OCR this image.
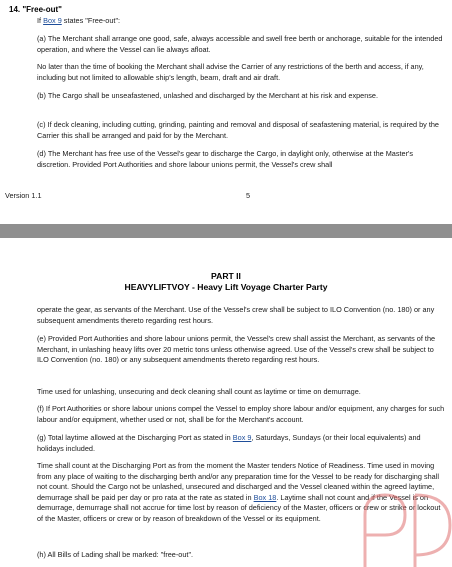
14. "Free-out"

If Box 9 states "Free-out":

(a) The Merchant shall arrange one good, safe, always accessible and swell free berth or anchorage, suitable for the intended operation, and where the Vessel can lie always afloat.

No later than the time of booking the Merchant shall advise the Carrier of any restrictions of the berth and access, if any, including but not limited to allowable ship's length, beam, draft and air draft.

(b) The Cargo shall be unseafastened, unlashed and discharged by the Merchant at his risk and expense.

(c) If deck cleaning, including cutting, grinding, painting and removal and disposal of seafastening material, is required by the Carrier this shall be arranged and paid for by the Merchant.

(d) The Merchant has free use of the Vessel's gear to discharge the Cargo, in daylight only, otherwise at the Master's discretion. Provided Port Authorities and shore labour unions permit, the Vessel's crew shall

Version 1.1	5
PART II
HEAVYLIFTVOY - Heavy Lift Voyage Charter Party

operate the gear, as servants of the Merchant. Use of the Vessel's crew shall be subject to ILO Convention (no. 180) or any subsequent amendments thereto regarding rest hours.

(e) Provided Port Authorities and shore labour unions permit, the Vessel's crew shall assist the Merchant, as servants of the Merchant, in unlashing heavy lifts over 20 metric tons unless otherwise agreed. Use of the Vessel's crew shall be subject to ILO Convention (no. 180) or any subsequent amendments thereto regarding rest hours.

Time used for unlashing, unsecuring and deck cleaning shall count as laytime or time on demurrage.

(f) If Port Authorities or shore labour unions compel the Vessel to employ shore labour and/or equipment, any charges for such labour and/or equipment, whether used or not, shall be for the Merchant's account.

(g) Total laytime allowed at the Discharging Port as stated in Box 9, Saturdays, Sundays (or their local equivalents) and holidays included.

Time shall count at the Discharging Port as from the moment the Master tenders Notice of Readiness. Time used in moving from any place of waiting to the discharging berth and/or any preparation time for the Vessel to be ready for discharging shall not count. Should the Cargo not be unlashed, unsecured and discharged and the Vessel cleaned within the agreed laytime, demurrage shall be paid per day or pro rata at the rate as stated in Box 18. Laytime shall not count and if the Vessel is on demurrage, demurrage shall not accrue for time lost by reason of deficiency of the Master, officers or crew or strike or lockout of the Master, officers or crew or by reason of breakdown of the Vessel or its equipment.

(h) All Bills of Lading shall be marked: "free-out".
